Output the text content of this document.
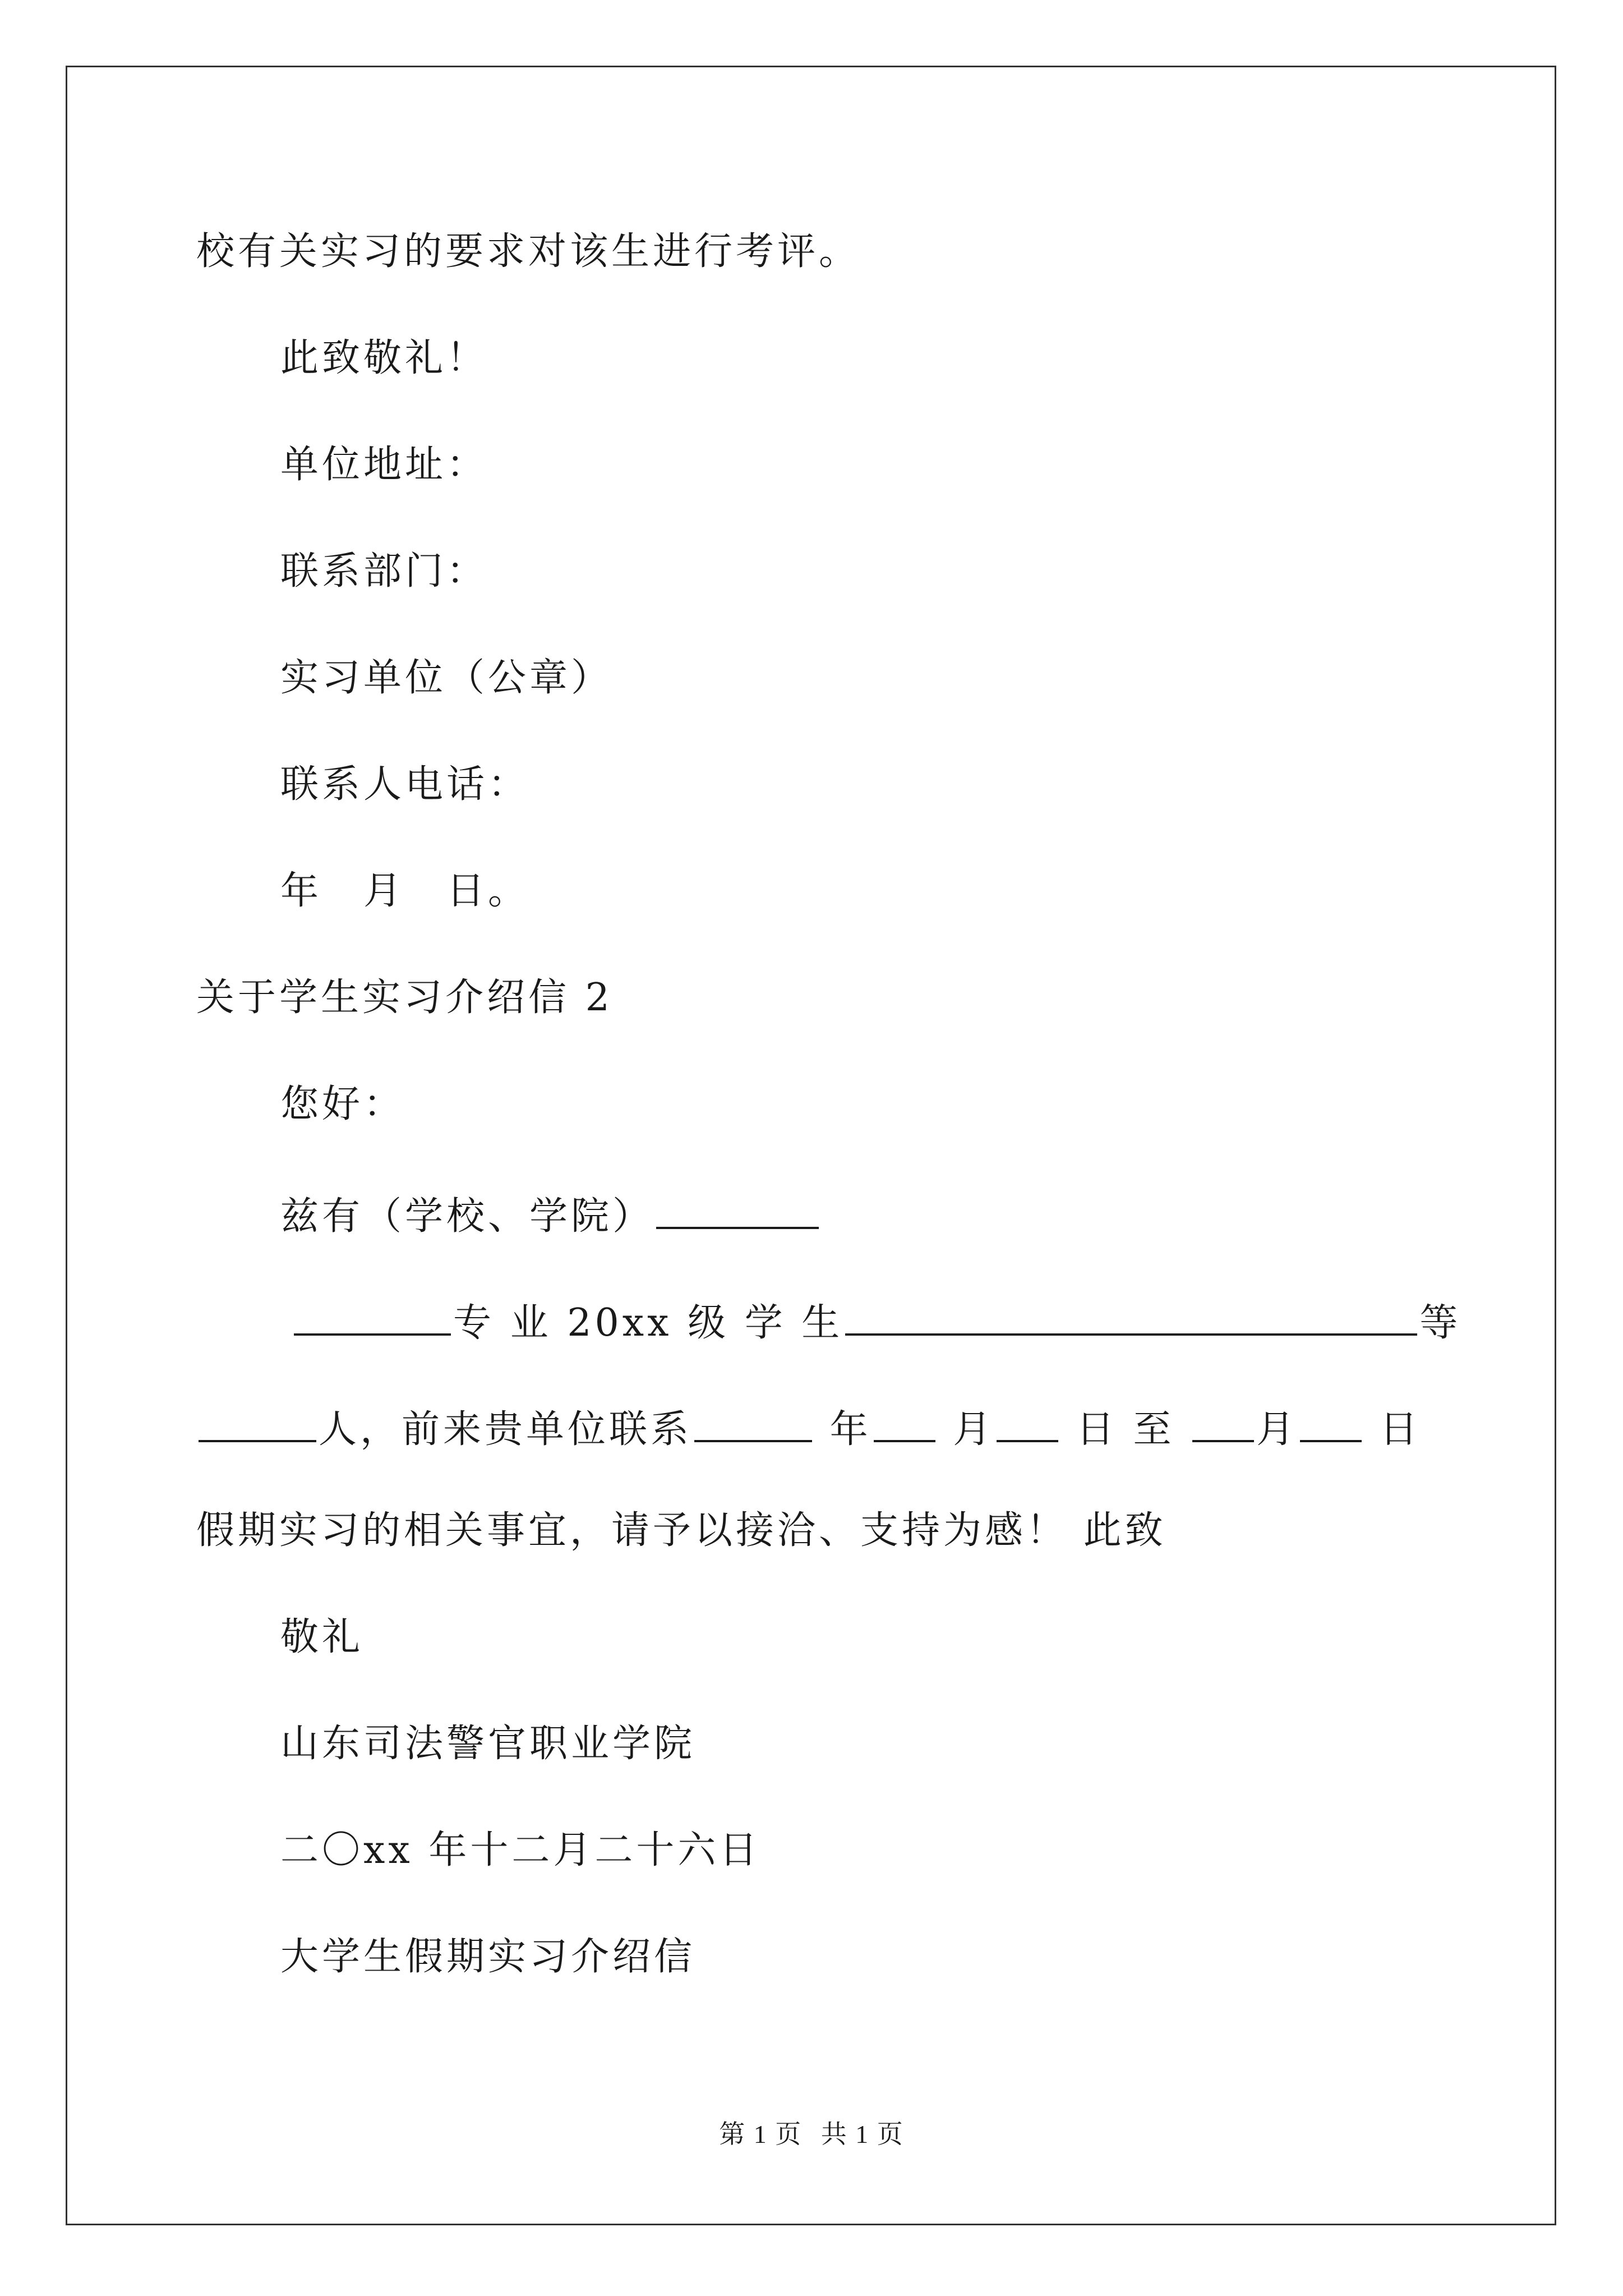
校有关实习的要求对该生进行考评。
此致敬礼！
单位地址：
联系部门：
实习单位（公章）
联系人电话：
年　月　日。
关于学生实习介绍信 2
您好：
兹有（学校、学院）
专 业 20xx 级 学 生	等
人，前来贵单位联系	年 月 日 至 月 日
假期实习的相关事宜，请予以接洽、支持为感！ 此致
敬礼
山东司法警官职业学院
二〇xx 年十二月二十六日
大学生假期实习介绍信
第 1 页 共 1 页
